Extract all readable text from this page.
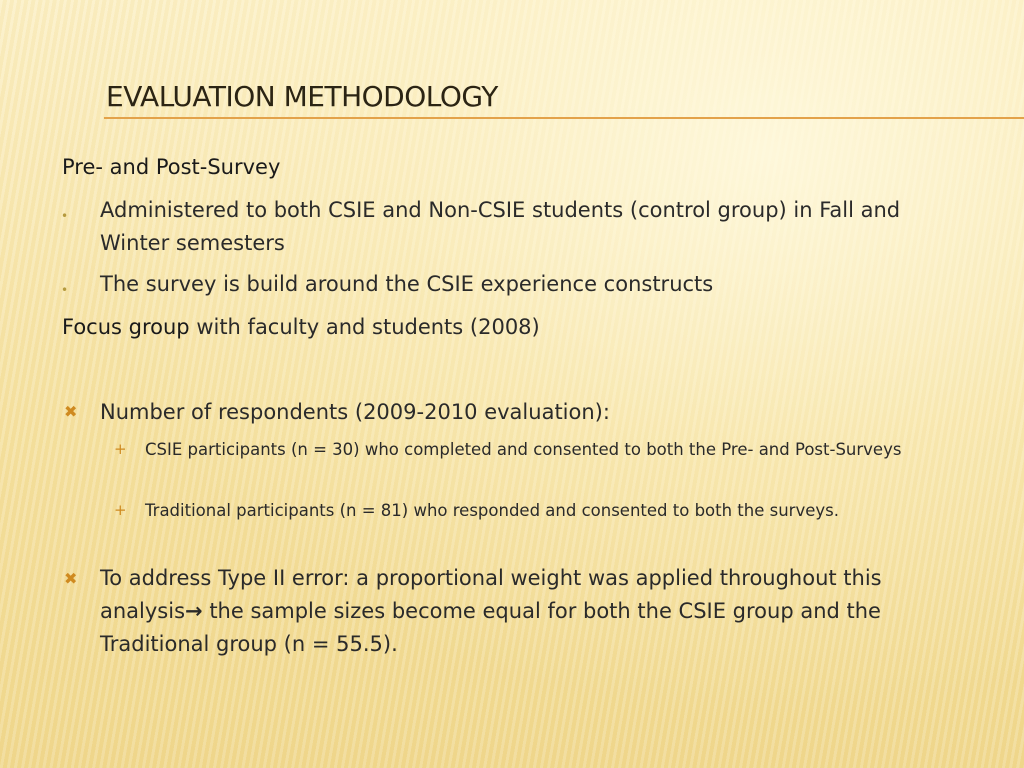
EVALUATION METHODOLOGY
Pre- and Post-Survey
• Administered to both CSIE and Non-CSIE students (control group) in Fall and Winter semesters
• The survey is build around the CSIE experience constructs
Focus group with faculty and students (2008)
✖ Number of respondents (2009-2010 evaluation):
+ CSIE participants (n = 30) who completed and consented to both the Pre- and Post-Surveys
+ Traditional participants (n = 81) who responded and consented to both the surveys.
✖ To address Type II error: a proportional weight was applied throughout this analysis→ the sample sizes become equal for both the CSIE group and the Traditional group (n = 55.5).
